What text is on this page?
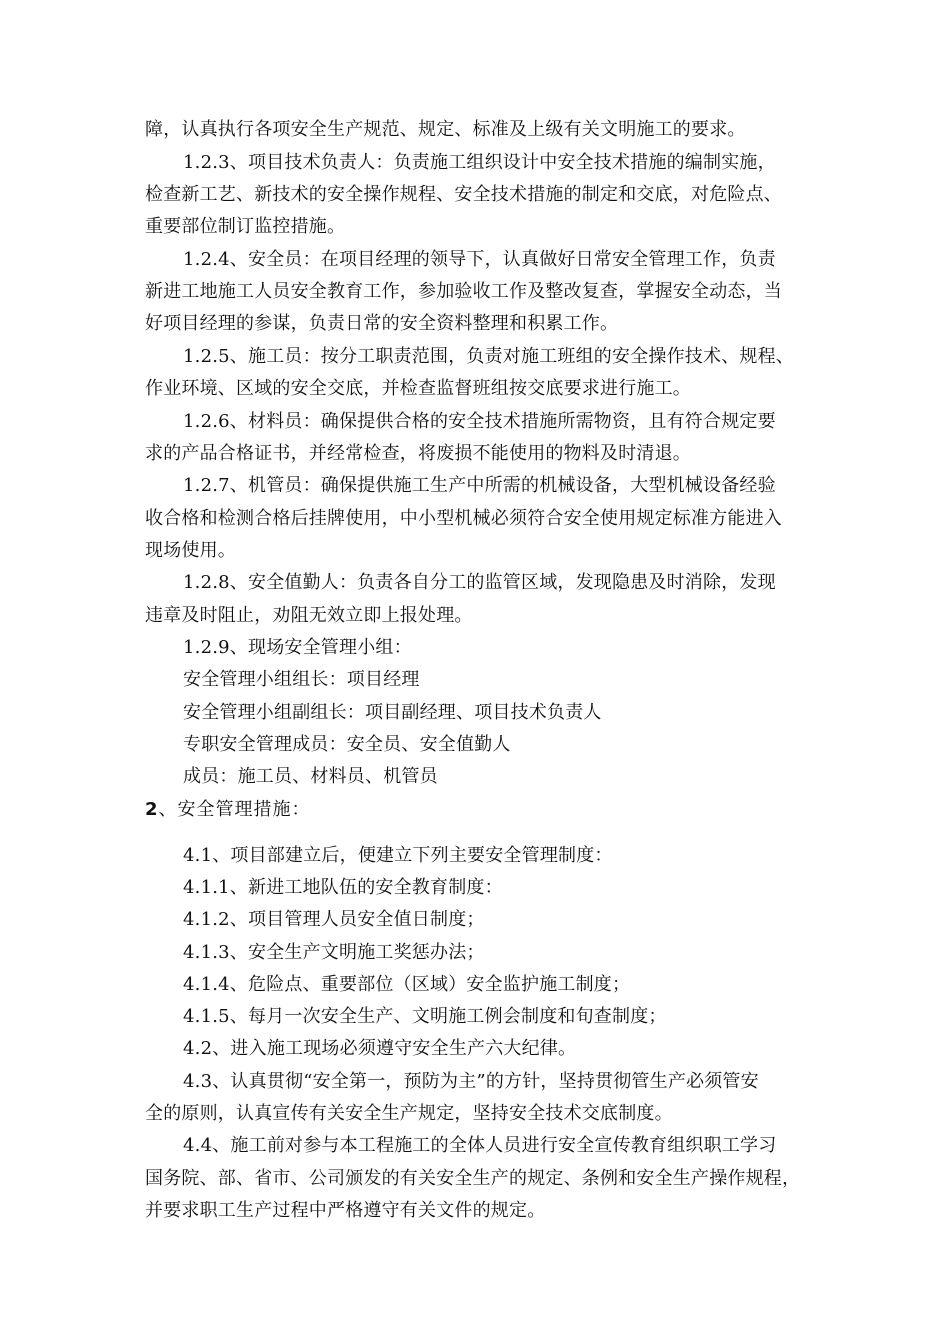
障，认真执行各项安全生产规范、规定、标准及上级有关文明施工的要求。
1.2.3、项目技术负责人：负责施工组织设计中安全技术措施的编制实施，
检查新工艺、新技术的安全操作规程、安全技术措施的制定和交底，对危险点、
重要部位制订监控措施。
1.2.4、安全员：在项目经理的领导下，认真做好日常安全管理工作，负责
新进工地施工人员安全教育工作，参加验收工作及整改复查，掌握安全动态，当
好项目经理的参谋，负责日常的安全资料整理和积累工作。
1.2.5、施工员：按分工职责范围，负责对施工班组的安全操作技术、规程、
作业环境、区域的安全交底，并检查监督班组按交底要求进行施工。
1.2.6、材料员：确保提供合格的安全技术措施所需物资，且有符合规定要
求的产品合格证书，并经常检查，将废损不能使用的物料及时清退。
1.2.7、机管员：确保提供施工生产中所需的机械设备，大型机械设备经验
收合格和检测合格后挂牌使用，中小型机械必须符合安全使用规定标准方能进入
现场使用。
1.2.8、安全值勤人：负责各自分工的监管区域，发现隐患及时消除，发现
违章及时阻止，劝阻无效立即上报处理。
1.2.9、现场安全管理小组：
安全管理小组组长：项目经理
安全管理小组副组长：项目副经理、项目技术负责人
专职安全管理成员：安全员、安全值勤人
成员：施工员、材料员、机管员
2、安全管理措施：
4.1、项目部建立后，便建立下列主要安全管理制度：
4.1.1、新进工地队伍的安全教育制度：
4.1.2、项目管理人员安全值日制度；
4.1.3、安全生产文明施工奖惩办法；
4.1.4、危险点、重要部位（区域）安全监护施工制度；
4.1.5、每月一次安全生产、文明施工例会制度和旬查制度；
4.2、进入施工现场必须遵守安全生产六大纪律。
4.3、认真贯彻“安全第一，预防为主”的方针，坚持贯彻管生产必须管安
全的原则，认真宣传有关安全生产规定，坚持安全技术交底制度。
4.4、施工前对参与本工程施工的全体人员进行安全宣传教育组织职工学习
国务院、部、省市、公司颁发的有关安全生产的规定、条例和安全生产操作规程，
并要求职工生产过程中严格遵守有关文件的规定。
